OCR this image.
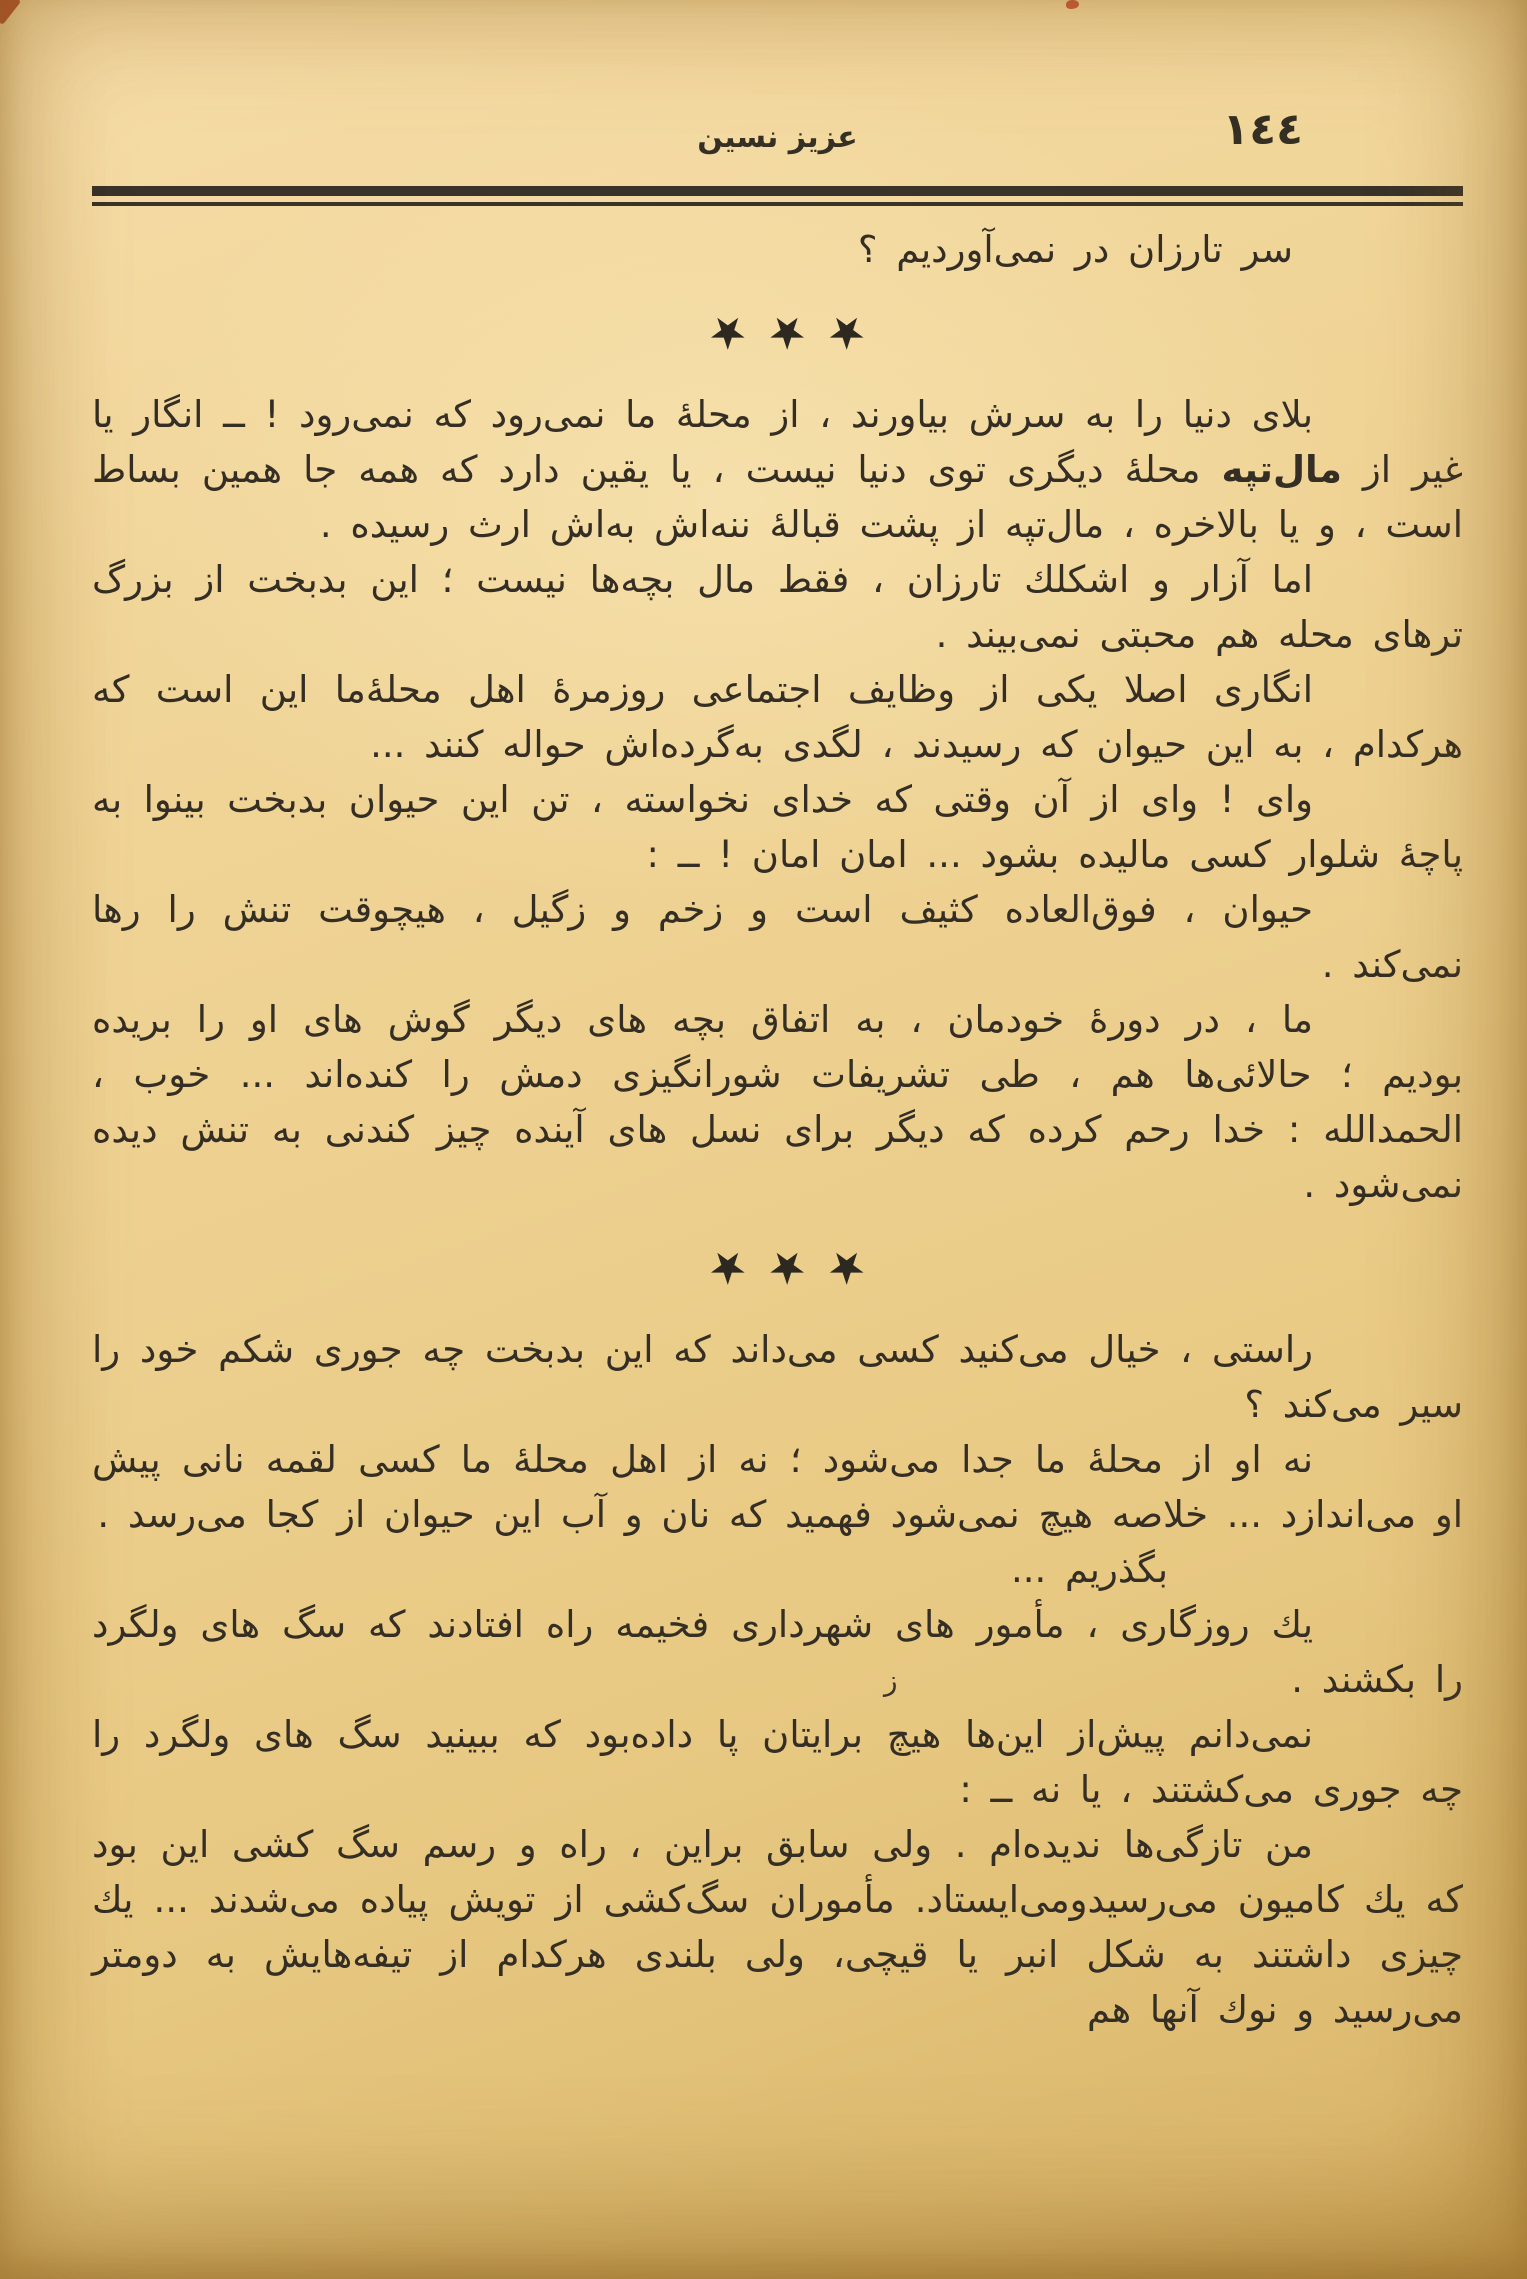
عزیز نسین	١٤٤

سر تارزان در نمی‌آوردیم ؟

★★★

بلای دنیا را به سرش بیاورند ، از محلهٔ ما نمی‌رود که نمی‌رود ! ــ انگار یا غیر از مال‌تپه محلهٔ دیگری توی دنیا نیست ، یا یقین دارد که همه جا همین بساط است ، و یا بالاخره ، مال‌تپه از پشت قبالهٔ ننه‌اش به‌اش ارث رسیده .

اما آزار و اشکلك تارزان ، فقط مال بچه‌ها نیست ؛ این بدبخت از بزرگ ترهای محله هم محبتی نمی‌بیند .

انگاری اصلا یکی از وظایف اجتماعی روزمرهٔ اهل محلهٔ‌ما این است که هرکدام ، به این حیوان که رسیدند ، لگدی به‌گرده‌اش حواله کنند ...

وای ! وای از آن وقتی که خدای نخواسته ، تن این حیوان بدبخت بینوا به پاچهٔ شلوار کسی مالیده بشود ... امان امان ! ــ :

حیوان ، فوق‌العاده کثیف است و زخم و زگیل ، هیچوقت تنش را رها نمی‌کند .

ما ، در دورهٔ خودمان ، به اتفاق بچه های دیگر گوش های او را بریده بودیم ؛ حالائی‌ها هم ، طی تشریفات شورانگیزی دمش را کنده‌اند ... خوب ، الحمدالله : خدا رحم کرده که دیگر برای نسل های آینده چیز کندنی به تنش دیده نمی‌شود .

★★★

راستی ، خیال می‌کنید کسی می‌داند که این بدبخت چه جوری شکم خود را سیر می‌کند ؟

نه او از محلهٔ ما جدا می‌شود ؛ نه از اهل محلهٔ ما کسی لقمه نانی پیش او می‌اندازد ... خلاصه هیچ نمی‌شود فهمید که نان و آب این حیوان از کجا می‌رسد .

بگذریم ...

یك روزگاری ، مأمور های شهرداری فخیمه راه افتادند که سگ های ولگرد را بکشند .

نمی‌دانم پیش‌از این‌ها هیچ برایتان پا داده‌بود که ببینید سگ های ولگرد را چه جوری می‌کشتند ، یا نه ــ :

من تازگی‌ها ندیده‌ام . ولی سابق براین ، راه و رسم سگ کشی این بود که یك کامیون می‌رسیدومی‌ایستاد. مأموران سگ‌کشی از تویش پیاده می‌شدند ... یك چیزی داشتند به شکل انبر یا قیچی، ولی بلندی هرکدام از تیفه‌هایش به دومتر می‌رسید و نوك آنها هم

ز
